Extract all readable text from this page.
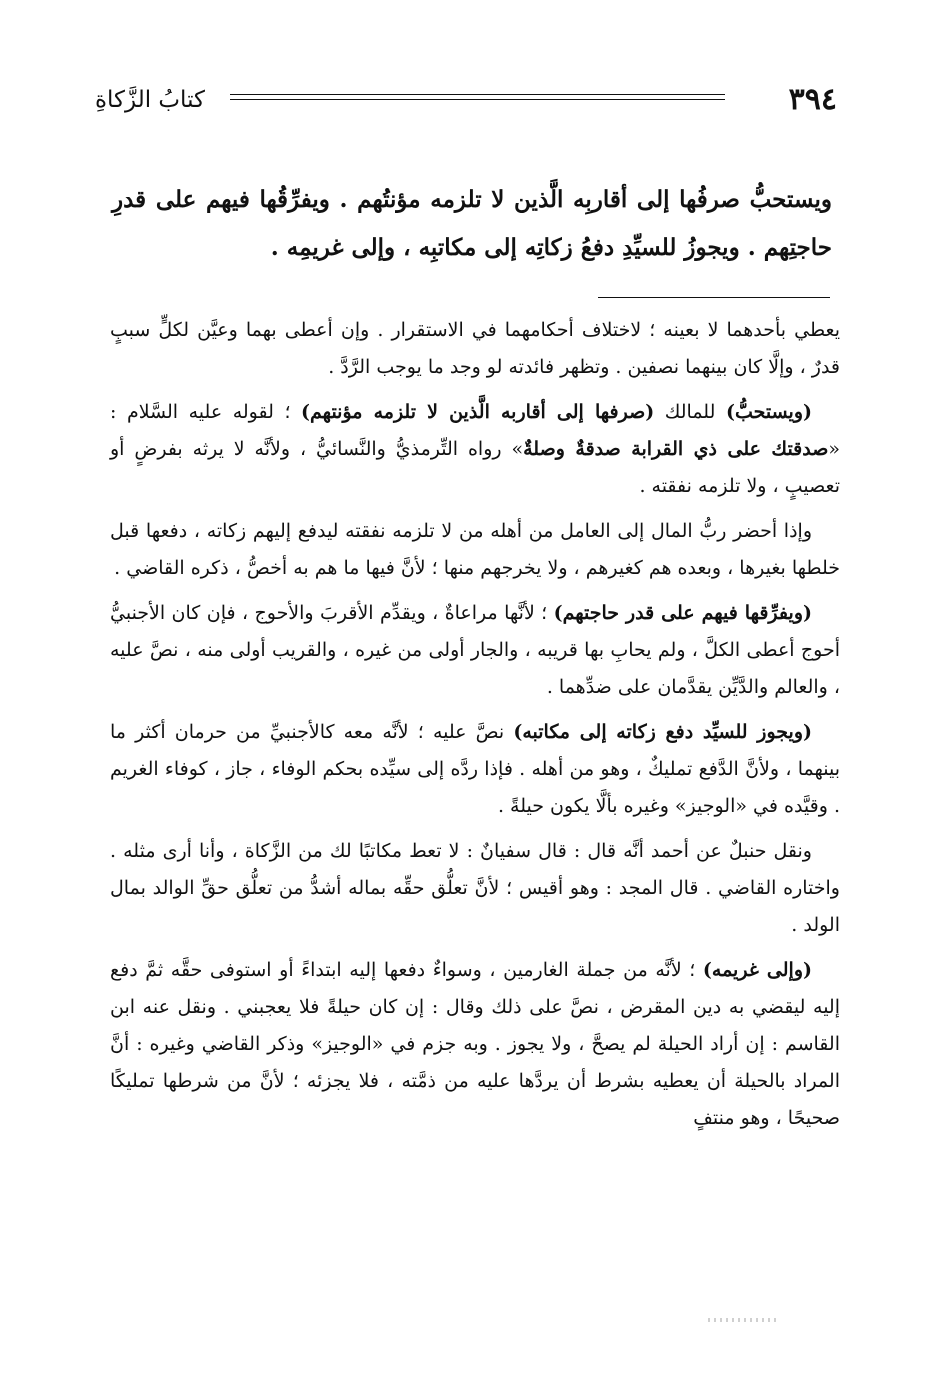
٣٩٤
كتابُ الزَّكاةِ

ويستحبُّ صرفُها إلى أقاربِه الَّذين لا تلزمه مؤنتُهم . ويفرِّقُها فيهم على قدرِ حاجتِهم . ويجوزُ للسيِّدِ دفعُ زكاتِه إلى مكاتبِه ، وإلى غريمِه .

يعطي بأحدهما لا بعينه ؛ لاختلاف أحكامهما في الاستقرار . وإن أعطى بهما وعيَّن لكلٍّ سببٍ قدرٌ ، وإلَّا كان بينهما نصفين . وتظهر فائدته لو وجد ما يوجب الرَّدَّ .

(ويستحبُّ) للمالك (صرفها إلى أقاربه الَّذين لا تلزمه مؤنتهم) ؛ لقوله عليه السَّلام : «صدقتك على ذي القرابة صدقةٌ وصلةٌ» رواه التِّرمذيُّ والنَّسائيُّ ، ولأنَّه لا يرثه بفرضٍ أو تعصيبٍ ، ولا تلزمه نفقته .

وإذا أحضر ربُّ المال إلى العامل من أهله من لا تلزمه نفقته ليدفع إليهم زكاته ، دفعها قبل خلطها بغيرها ، وبعده هم كغيرهم ، ولا يخرجهم منها ؛ لأنَّ فيها ما هم به أخصُّ ، ذكره القاضي .

(ويفرِّقها فيهم على قدر حاجتهم) ؛ لأنَّها مراعاةٌ ، ويقدِّم الأقربَ والأحوج ، فإن كان الأجنبيُّ أحوج أعطى الكلَّ ، ولم يحابِ بها قريبه ، والجار أولى من غيره ، والقريب أولى منه ، نصَّ عليه ، والعالم والدَّيِّن يقدَّمان على ضدِّهما .

(ويجوز للسيِّد دفع زكاته إلى مكاتبه) نصَّ عليه ؛ لأنَّه معه كالأجنبيِّ من حرمان أكثر ما بينهما ، ولأنَّ الدَّفع تمليكٌ ، وهو من أهله . فإذا ردَّه إلى سيِّده بحكم الوفاء ، جاز ، كوفاء الغريم . وقيَّده في «الوجيز» وغيره بألَّا يكون حيلةً .

ونقل حنبلٌ عن أحمد أنَّه قال : قال سفيانٌ : لا تعط مكاتبًا لك من الزَّكاة ، وأنا أرى مثله . واختاره القاضي . قال المجد : وهو أقيس ؛ لأنَّ تعلُّق حقِّه بماله أشدُّ من تعلُّق حقِّ الوالد بمال الولد .

(وإلى غريمه) ؛ لأنَّه من جملة الغارمين ، وسواءٌ دفعها إليه ابتداءً أو استوفى حقَّه ثمَّ دفع إليه ليقضي به دين المقرض ، نصَّ على ذلك وقال : إن كان حيلةً فلا يعجبني . ونقل عنه ابن القاسم : إن أراد الحيلة لم يصحَّ ، ولا يجوز . وبه جزم في «الوجيز» وذكر القاضي وغيره : أنَّ المراد بالحيلة أن يعطيه بشرط أن يردَّها عليه من ذمَّته ، فلا يجزئه ؛ لأنَّ من شرطها تمليكًا صحيحًا ، وهو منتفٍ
